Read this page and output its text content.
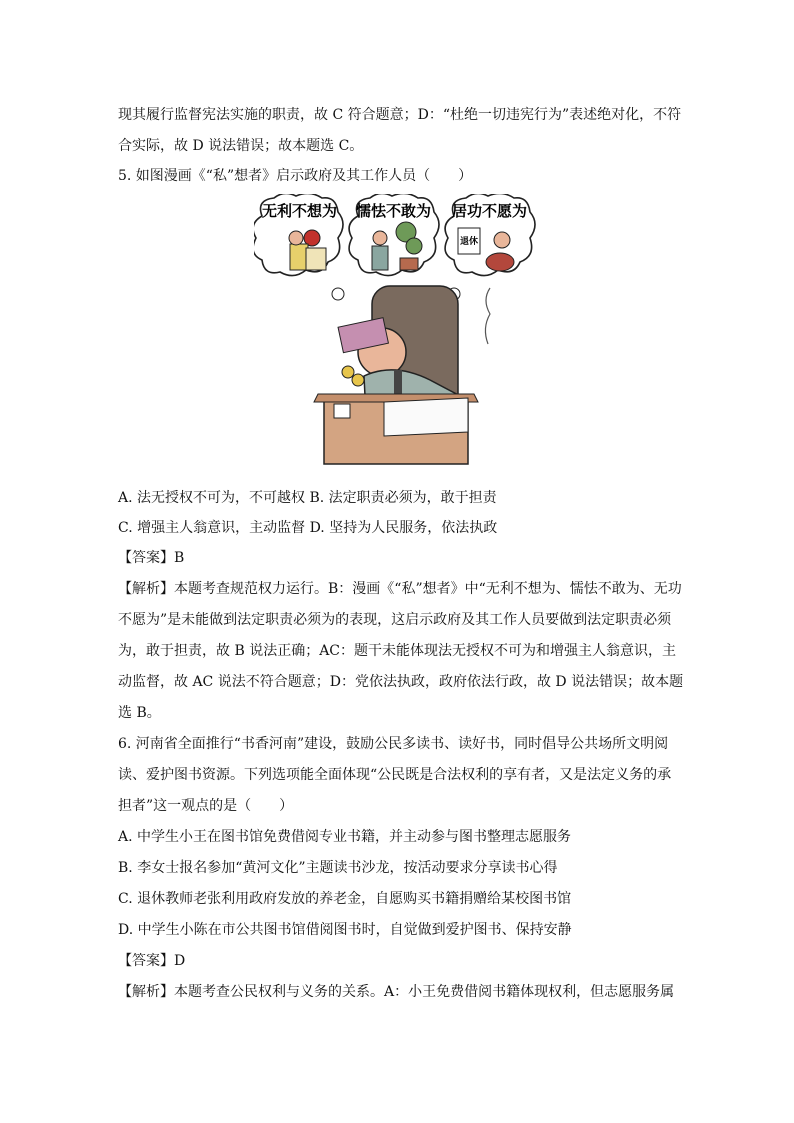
现其履行监督宪法实施的职责，故 C 符合题意；D：“杜绝一切违宪行为”表述绝对化，不符
合实际，故 D 说法错误；故本题选 C。
5. 如图漫画《“私”想者》启示政府及其工作人员（　　）
无利不想为 懦怯不敢为 居功不愿为
退休
A. 法无授权不可为，不可越权 B. 法定职责必须为，敢于担责
C. 增强主人翁意识，主动监督 D. 坚持为人民服务，依法执政
【答案】B
【解析】本题考查规范权力运行。B：漫画《“私”想者》中“无利不想为、懦怯不敢为、无功
不愿为”是未能做到法定职责必须为的表现，这启示政府及其工作人员要做到法定职责必须
为，敢于担责，故 B 说法正确；AC：题干未能体现法无授权不可为和增强主人翁意识，主
动监督，故 AC 说法不符合题意；D：党依法执政，政府依法行政，故 D 说法错误；故本题
选 B。
6. 河南省全面推行“书香河南”建设，鼓励公民多读书、读好书，同时倡导公共场所文明阅
读、爱护图书资源。下列选项能全面体现“公民既是合法权利的享有者，又是法定义务的承
担者”这一观点的是（　　）
A. 中学生小王在图书馆免费借阅专业书籍，并主动参与图书整理志愿服务
B. 李女士报名参加“黄河文化”主题读书沙龙，按活动要求分享读书心得
C. 退休教师老张利用政府发放的养老金，自愿购买书籍捐赠给某校图书馆
D. 中学生小陈在市公共图书馆借阅图书时，自觉做到爱护图书、保持安静
【答案】D
【解析】本题考查公民权利与义务的关系。A：小王免费借阅书籍体现权利，但志愿服务属
